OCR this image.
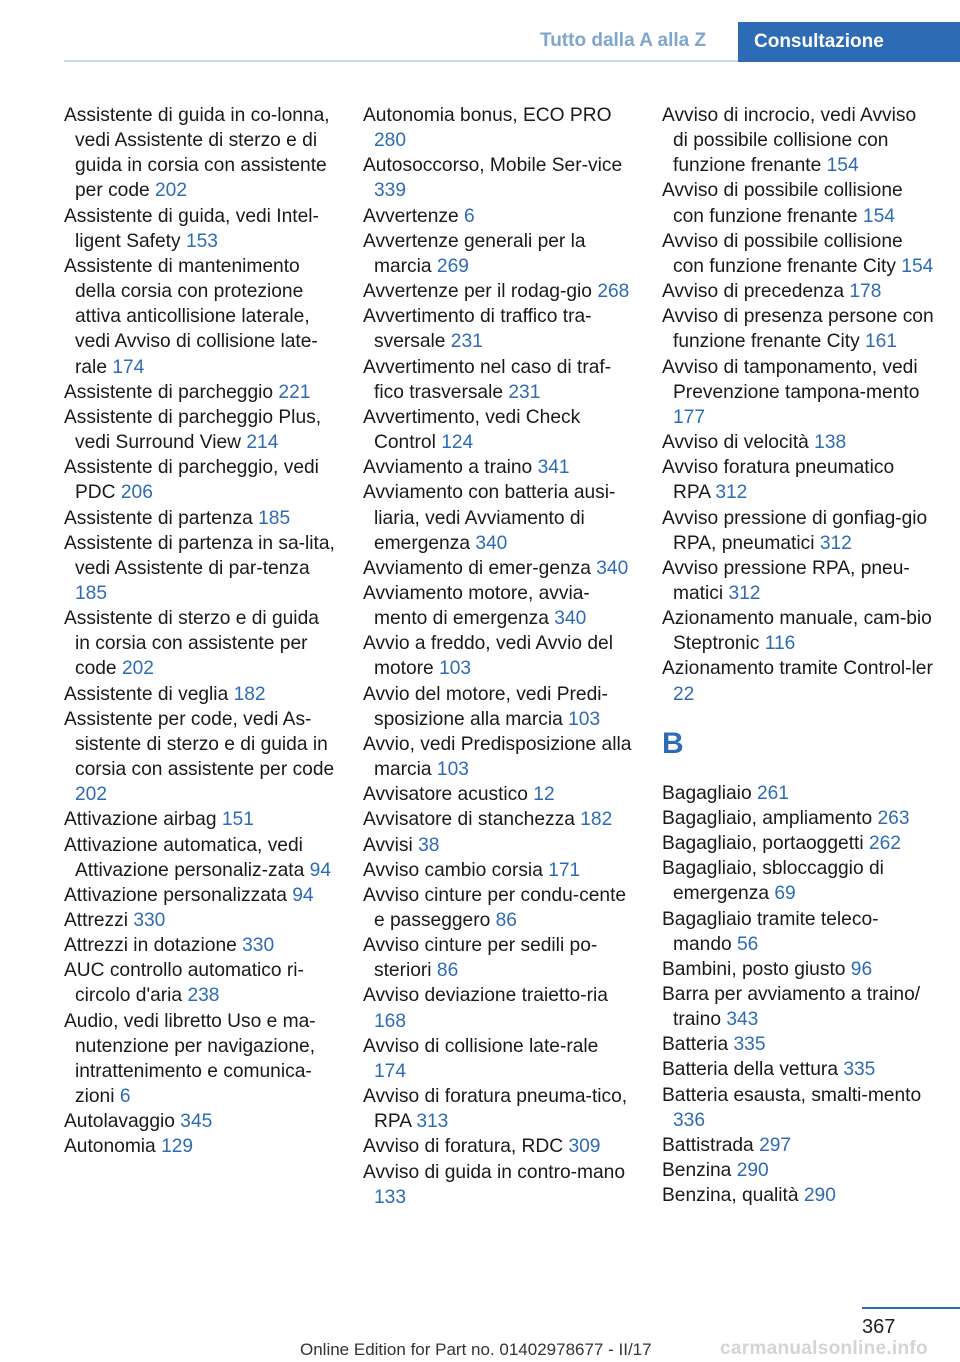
Tutto dalla A alla Z	Consultazione
Assistente di guida in co-lonna, vedi Assistente di sterzo e di guida in corsia con assistente per code 202
Assistente di guida, vedi Intel-ligent Safety 153
Assistente di mantenimento della corsia con protezione attiva anticollisione laterale, vedi Avviso di collisione late-rale 174
Assistente di parcheggio 221
Assistente di parcheggio Plus, vedi Surround View 214
Assistente di parcheggio, vedi PDC 206
Assistente di partenza 185
Assistente di partenza in sa-lita, vedi Assistente di par-tenza 185
Assistente di sterzo e di guida in corsia con assistente per code 202
Assistente di veglia 182
Assistente per code, vedi As-sistente di sterzo e di guida in corsia con assistente per code 202
Attivazione airbag 151
Attivazione automatica, vedi Attivazione personaliz-zata 94
Attivazione personalizzata 94
Attrezzi 330
Attrezzi in dotazione 330
AUC controllo automatico ri-circolo d'aria 238
Audio, vedi libretto Uso e ma-nutenzione per navigazione, intrattenimento e comunica-zioni 6
Autolavaggio 345
Autonomia 129
Autonomia bonus, ECO PRO 280
Autosoccorso, Mobile Ser-vice 339
Avvertenze 6
Avvertenze generali per la marcia 269
Avvertenze per il rodag-gio 268
Avvertimento di traffico tra-sversale 231
Avvertimento nel caso di traf-fico trasversale 231
Avvertimento, vedi Check Control 124
Avviamento a traino 341
Avviamento con batteria ausi-liaria, vedi Avviamento di emergenza 340
Avviamento di emer-genza 340
Avviamento motore, avvia-mento di emergenza 340
Avvio a freddo, vedi Avvio del motore 103
Avvio del motore, vedi Predi-sposizione alla marcia 103
Avvio, vedi Predisposizione alla marcia 103
Avvisatore acustico 12
Avvisatore di stanchezza 182
Avvisi 38
Avviso cambio corsia 171
Avviso cinture per condu-cente e passeggero 86
Avviso cinture per sedili po-steriori 86
Avviso deviazione traietto-ria 168
Avviso di collisione late-rale 174
Avviso di foratura pneuma-tico, RPA 313
Avviso di foratura, RDC 309
Avviso di guida in contro-mano 133
Avviso di incrocio, vedi Avviso di possibile collisione con funzione frenante 154
Avviso di possibile collisione con funzione frenante 154
Avviso di possibile collisione con funzione frenante City 154
Avviso di precedenza 178
Avviso di presenza persone con funzione frenante City 161
Avviso di tamponamento, vedi Prevenzione tampona-mento 177
Avviso di velocità 138
Avviso foratura pneumatico RPA 312
Avviso pressione di gonfiag-gio RPA, pneumatici 312
Avviso pressione RPA, pneu-matici 312
Azionamento manuale, cam-bio Steptronic 116
Azionamento tramite Control-ler 22
B
Bagagliaio 261
Bagagliaio, ampliamento 263
Bagagliaio, portaoggetti 262
Bagagliaio, sbloccaggio di emergenza 69
Bagagliaio tramite teleco-mando 56
Bambini, posto giusto 96
Barra per avviamento a traino/ traino 343
Batteria 335
Batteria della vettura 335
Batteria esausta, smalti-mento 336
Battistrada 297
Benzina 290
Benzina, qualità 290
367
Online Edition for Part no. 01402978677 - II/17	carmanualsonline.info
